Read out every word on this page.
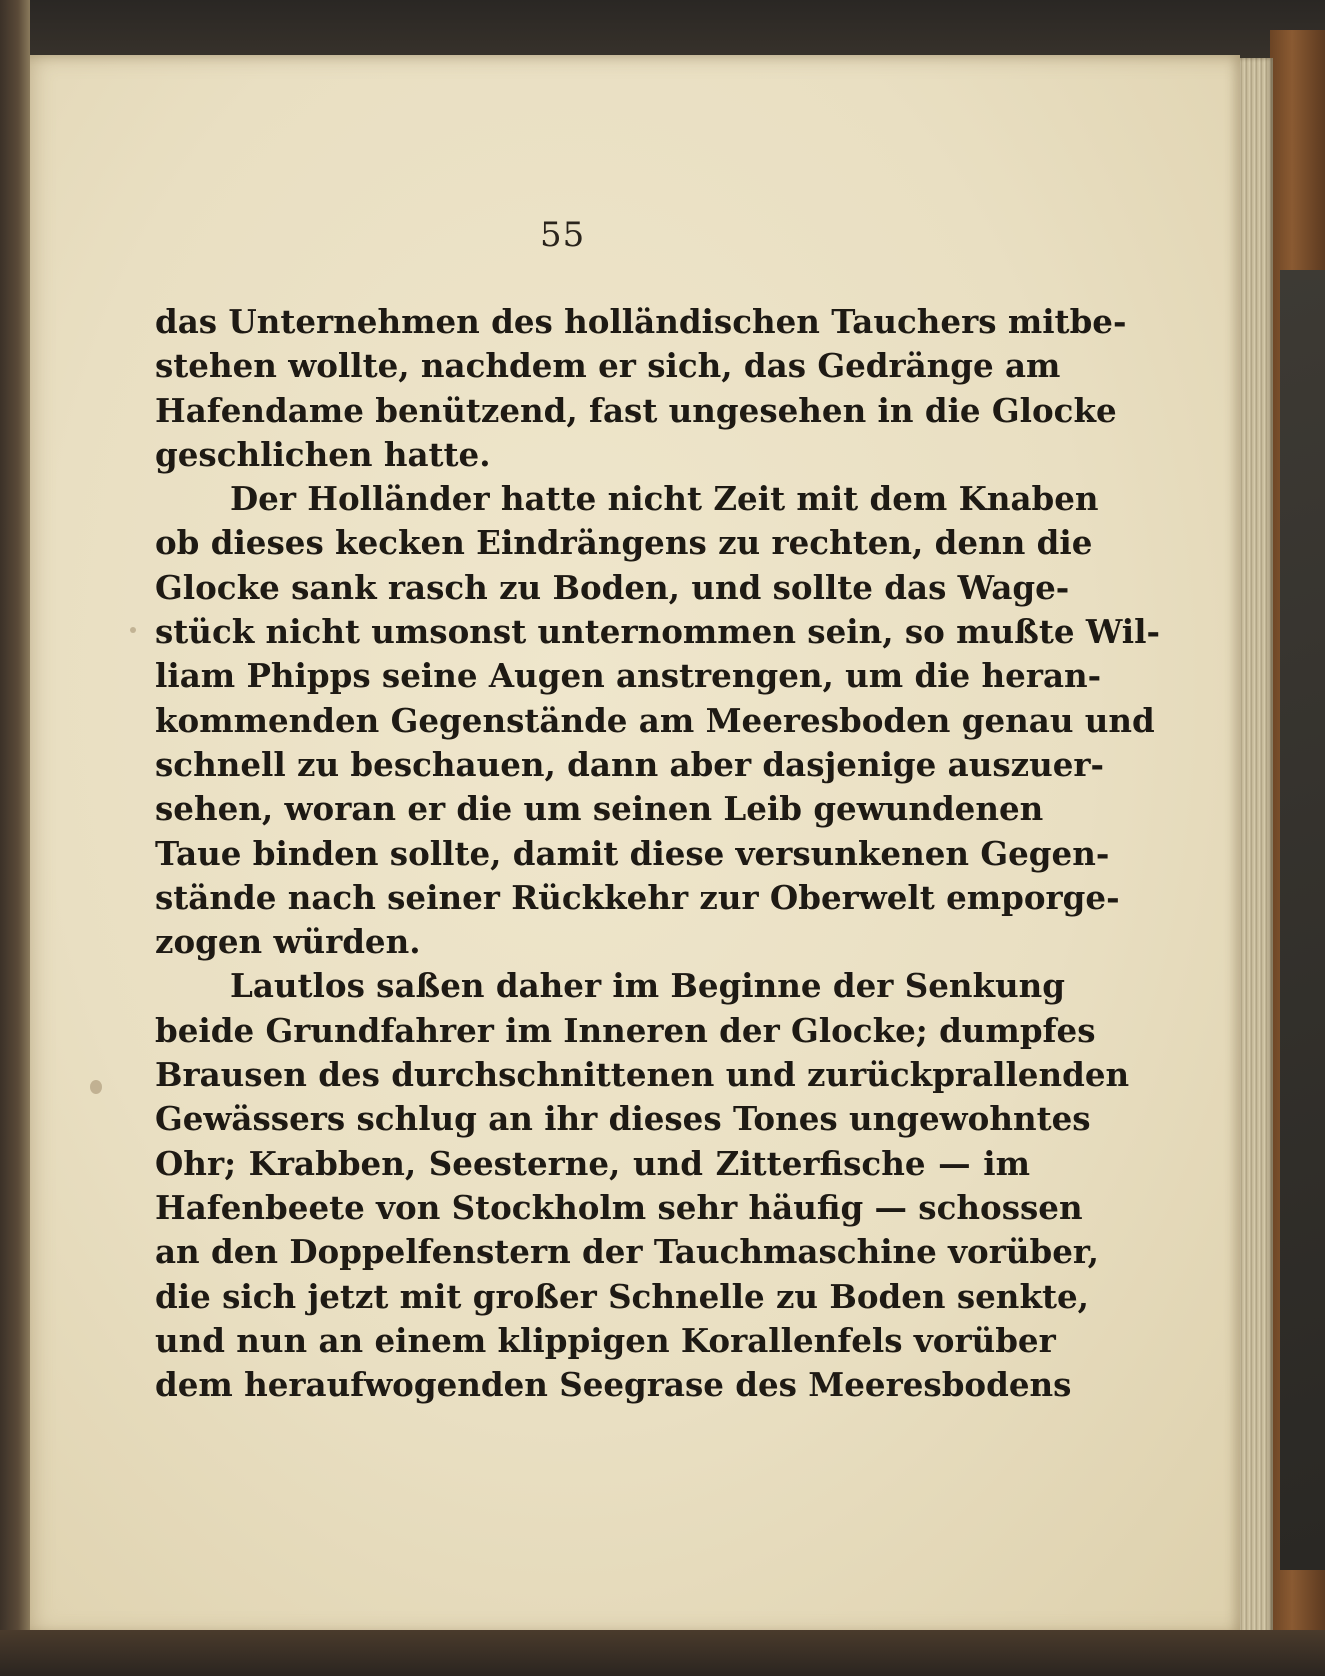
55
das Unternehmen des holländischen Tauchers mitbe-
stehen wollte, nachdem er sich, das Gedränge am
Hafendame benützend, fast ungesehen in die Glocke
geschlichen hatte.
Der Holländer hatte nicht Zeit mit dem Knaben
ob dieses kecken Eindrängens zu rechten, denn die
Glocke sank rasch zu Boden, und sollte das Wage-
stück nicht umsonst unternommen sein, so mußte Wil-
liam Phipps seine Augen anstrengen, um die heran-
kommenden Gegenstände am Meeresboden genau und
schnell zu beschauen, dann aber dasjenige auszuer-
sehen, woran er die um seinen Leib gewundenen
Taue binden sollte, damit diese versunkenen Gegen-
stände nach seiner Rückkehr zur Oberwelt emporge-
zogen würden.
Lautlos saßen daher im Beginne der Senkung
beide Grundfahrer im Inneren der Glocke; dumpfes
Brausen des durchschnittenen und zurückprallenden
Gewässers schlug an ihr dieses Tones ungewohntes
Ohr; Krabben, Seesterne, und Zitterfische — im
Hafenbeete von Stockholm sehr häufig — schossen
an den Doppelfenstern der Tauchmaschine vorüber,
die sich jetzt mit großer Schnelle zu Boden senkte,
und nun an einem klippigen Korallenfels vorüber
dem heraufwogenden Seegrase des Meeresbodens
